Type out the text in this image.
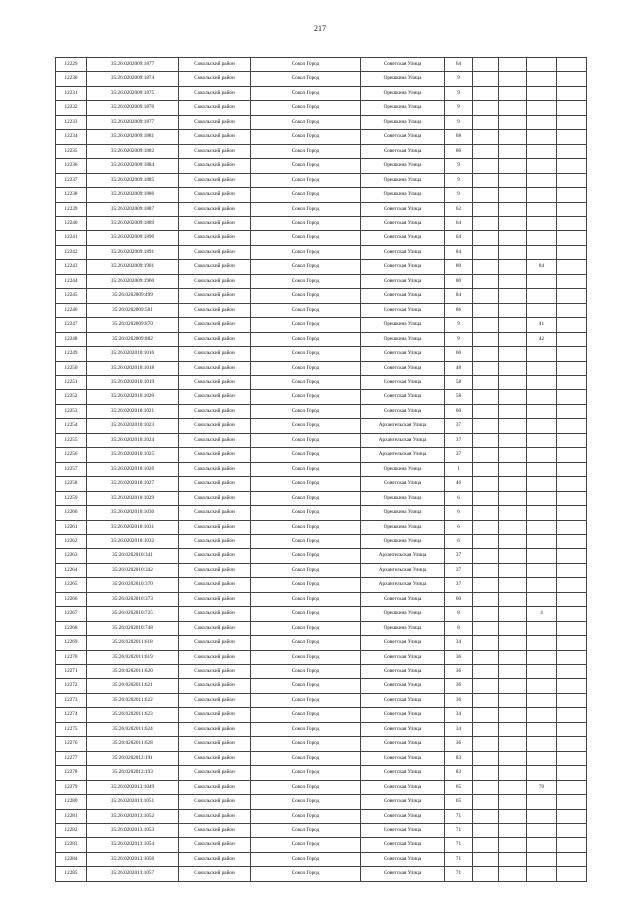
217
12229	35:26:0202009:1877	Сокольский район	Сокол Город	Советская Улица	64				
12230	35:26:0202009:1874	Сокольский район	Сокол Город	Орешкина Улица	9				
12231	35:26:0202009:1875	Сокольский район	Сокол Город	Орешкина Улица	9				
12232	35:26:0202009:1876	Сокольский район	Сокол Город	Орешкина Улица	9				
12233	35:26:0202009:1877	Сокольский район	Сокол Город	Орешкина Улица	9				
12234	35:26:0202009:1881	Сокольский район	Сокол Город	Советская Улица	68				
12235	35:26:0202009:1882	Сокольский район	Сокол Город	Советская Улица	80				
12236	35:26:0202009:1884	Сокольский район	Сокол Город	Орешкина Улица	9				
12237	35:26:0202009:1885	Сокольский район	Сокол Город	Орешкина Улица	9				
12238	35:26:0202009:1886	Сокольский район	Сокол Город	Орешкина Улица	9				
12239	35:26:0202009:1887	Сокольский район	Сокол Город	Советская Улица	62				
12240	35:26:0202009:1889	Сокольский район	Сокол Город	Советская Улица	64				
12241	35:26:0202009:1890	Сокольский район	Сокол Город	Советская Улица	64				
12242	35:26:0202009:1891	Сокольский район	Сокол Город	Советская Улица	84				
12243	35:26:0202009:1901	Сокольский район	Сокол Город	Советская Улица	80			84	
12244	35:26:0202009:1960	Сокольский район	Сокол Город	Советская Улица	80				
12245	35:26:0202009:499	Сокольский район	Сокол Город	Советская Улица	84				
12246	35:26:0202009:501	Сокольский район	Сокол Город	Советская Улица	86				
12247	35:26:0202009:870	Сокольский район	Сокол Город	Орешкина Улица	9			41	
12248	35:26:0202009:882	Сокольский район	Сокол Город	Орешкина Улица	9			42	
12249	35:26:0202010:1016	Сокольский район	Сокол Город	Советская Улица	60				
12250	35:26:0202010:1018	Сокольский район	Сокол Город	Советская Улица	48				
12251	35:26:0202010:1019	Сокольский район	Сокол Город	Советская Улица	58				
12252	35:26:0202010:1020	Сокольский район	Сокол Город	Советская Улица	58				
12253	35:26:0202010:1021	Сокольский район	Сокол Город	Советская Улица	60				
12254	35:26:0202010:1023	Сокольский район	Сокол Город	Архангельская Улица	37				
12255	35:26:0202010:1024	Сокольский район	Сокол Город	Архангельская Улица	37				
12256	35:26:0202010:1025	Сокольский район	Сокол Город	Архангельская Улица	37				
12257	35:26:0202010:1026	Сокольский район	Сокол Город	Орешкина Улица	1				
12258	35:26:0202010:1027	Сокольский район	Сокол Город	Советская Улица	46				
12259	35:26:0202010:1029	Сокольский район	Сокол Город	Орешкина Улица	6				
12260	35:26:0202010:1030	Сокольский район	Сокол Город	Орешкина Улица	6				
12261	35:26:0202010:1031	Сокольский район	Сокол Город	Орешкина Улица	6				
12262	35:26:0202010:1032	Сокольский район	Сокол Город	Орешкина Улица	6				
12263	35:26:0202010:341	Сокольский район	Сокол Город	Архангельская Улица	37				
12264	35:26:0202010:342	Сокольский район	Сокол Город	Архангельская Улица	37				
12265	35:26:0202010:370	Сокольский район	Сокол Город	Архангельская Улица	37				
12266	35:26:0202010:373	Сокольский район	Сокол Город	Советская Улица	60				
12267	35:26:0202010:725	Сокольский район	Сокол Город	Орешкина Улица	8			4	
12268	35:26:0202010:748	Сокольский район	Сокол Город	Орешкина Улица	8				
12269	35:26:0202011:618	Сокольский район	Сокол Город	Советская Улица	34				
12270	35:26:0202011:619	Сокольский район	Сокол Город	Советская Улица	36				
12271	35:26:0202011:620	Сокольский район	Сокол Город	Советская Улица	36				
12272	35:26:0202011:621	Сокольский район	Сокол Город	Советская Улица	36				
12273	35:26:0202011:622	Сокольский район	Сокол Город	Советская Улица	36				
12274	35:26:0202011:623	Сокольский район	Сокол Город	Советская Улица	34				
12275	35:26:0202011:624	Сокольский район	Сокол Город	Советская Улица	34				
12276	35:26:0202011:628	Сокольский район	Сокол Город	Советская Улица	36				
12277	35:26:0202012:191	Сокольский район	Сокол Город	Советская Улица	83				
12278	35:26:0202012:193	Сокольский район	Сокол Город	Советская Улица	83				
12279	35:26:0202013:1049	Сокольский район	Сокол Город	Советская Улица	65			70	
12280	35:26:0202013:1051	Сокольский район	Сокол Город	Советская Улица	65				
12281	35:26:0202013:1052	Сокольский район	Сокол Город	Советская Улица	71				
12282	35:26:0202013:1053	Сокольский район	Сокол Город	Советская Улица	71				
12283	35:26:0202013:1054	Сокольский район	Сокол Город	Советская Улица	71				
12284	35:26:0202013:1056	Сокольский район	Сокол Город	Советская Улица	71				
12285	35:26:0202013:1057	Сокольский район	Сокол Город	Советская Улица	71				
